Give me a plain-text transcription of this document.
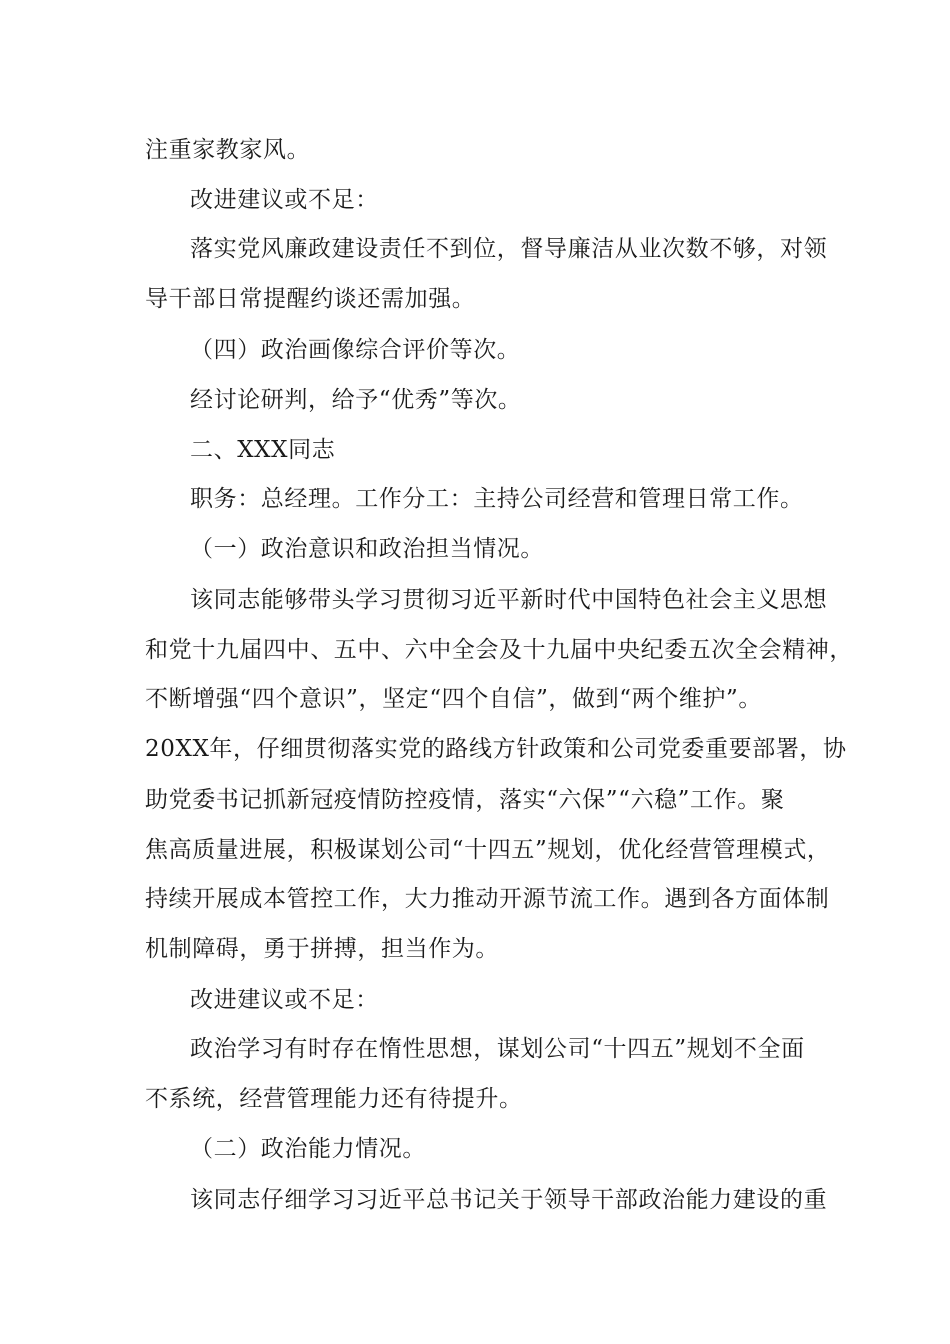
注重家教家风。
改进建议或不足：
落实党风廉政建设责任不到位，督导廉洁从业次数不够，对领
导干部日常提醒约谈还需加强。
（四）政治画像综合评价等次。
经讨论研判，给予“优秀”等次。
二、XXX同志
职务：总经理。工作分工：主持公司经营和管理日常工作。
（一）政治意识和政治担当情况。
该同志能够带头学习贯彻习近平新时代中国特色社会主义思想
和党十九届四中、五中、六中全会及十九届中央纪委五次全会精神，
不断增强“四个意识”，坚定“四个自信”，做到“两个维护”。
20XX年，仔细贯彻落实党的路线方针政策和公司党委重要部署，协
助党委书记抓新冠疫情防控疫情，落实“六保”“六稳”工作。聚
焦高质量进展，积极谋划公司“十四五”规划，优化经营管理模式，
持续开展成本管控工作，大力推动开源节流工作。遇到各方面体制
机制障碍，勇于拼搏，担当作为。
改进建议或不足：
政治学习有时存在惰性思想，谋划公司“十四五”规划不全面
不系统，经营管理能力还有待提升。
（二）政治能力情况。
该同志仔细学习习近平总书记关于领导干部政治能力建设的重
